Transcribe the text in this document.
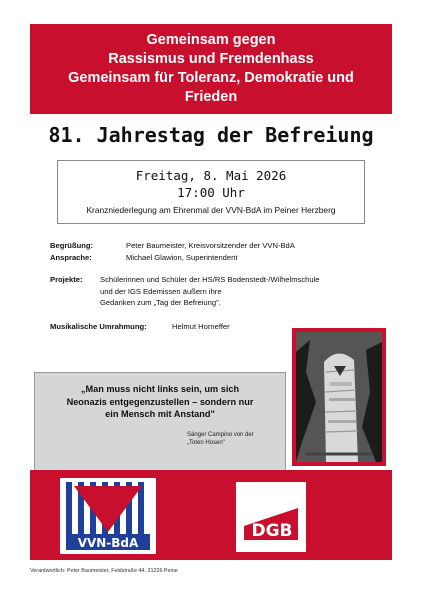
Gemeinsam gegen
Rassismus und Fremdenhass
Gemeinsam für Toleranz, Demokratie und
Frieden
81. Jahrestag der Befreiung
Freitag, 8. Mai 2026
17:00 Uhr
Kranzniederlegung am Ehrenmal der VVN-BdA im Peiner Herzberg
Begrüßung:	Peter Baumeister, Kreisvorsitzender der VVN-BdA
Ansprache:	Michael Glawion, Superintendent
Projekte:	Schülerinnen und Schüler der HS/RS Bodenstedt-/Wilhelmschule
und der IGS Edemissen äußern ihre
Gedanken zum „Tag der Befreiung".
Musikalische Umrahmung:	Helmut Horneffer
„Man muss nicht links sein, um sich
Neonazis entgegenzustellen – sondern nur
ein Mensch mit Anstand"
Sänger Campino von der
„Toten Hosen"
VVN-BdA
DGB
Verantwortlich: Peter Baumeister, Feldstraße 44, 31226 Peine
